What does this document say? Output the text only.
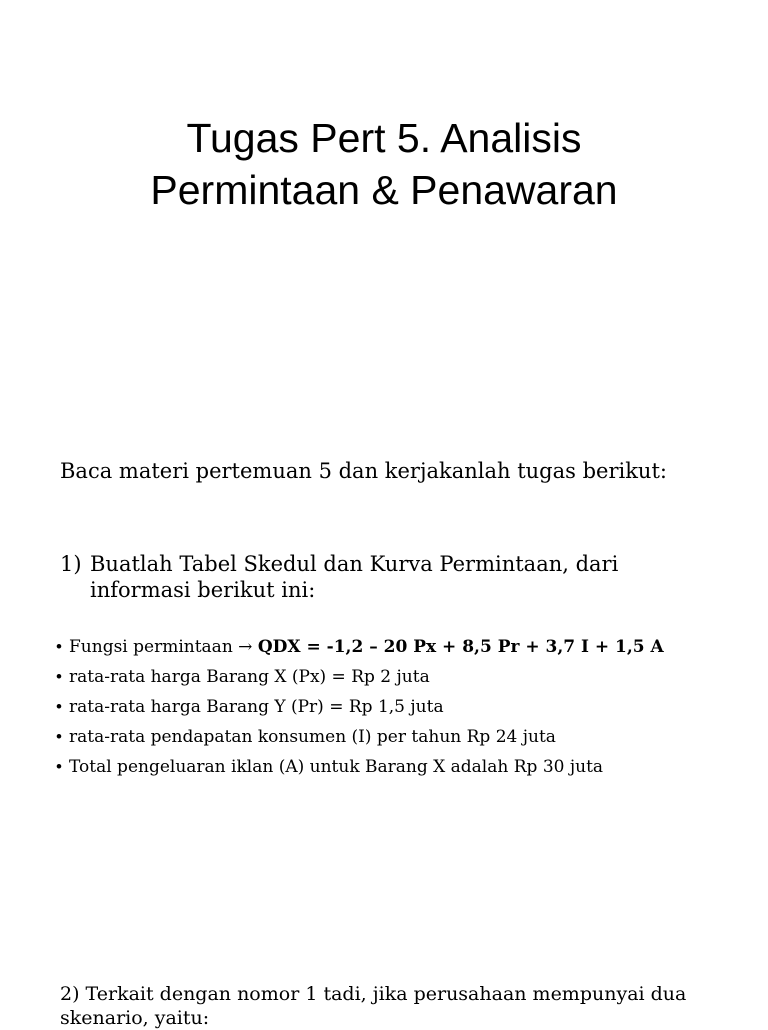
Tugas Pert 5. Analisis
Permintaan & Penawaran

Baca materi pertemuan 5 dan kerjakanlah tugas berikut:

1) Buatlah Tabel Skedul dan Kurva Permintaan, dari informasi berikut ini:
• Fungsi permintaan → QDX = -1,2 – 20 Px + 8,5 Pr + 3,7 I + 1,5 A
• rata-rata harga Barang X (Px) = Rp 2 juta
• rata-rata harga Barang Y (Pr) = Rp 1,5 juta
• rata-rata pendapatan konsumen (I) per tahun Rp 24 juta
• Total pengeluaran iklan (A) untuk Barang X adalah Rp 30 juta

2) Terkait dengan nomor 1 tadi, jika perusahaan mempunyai dua skenario, yaitu:
